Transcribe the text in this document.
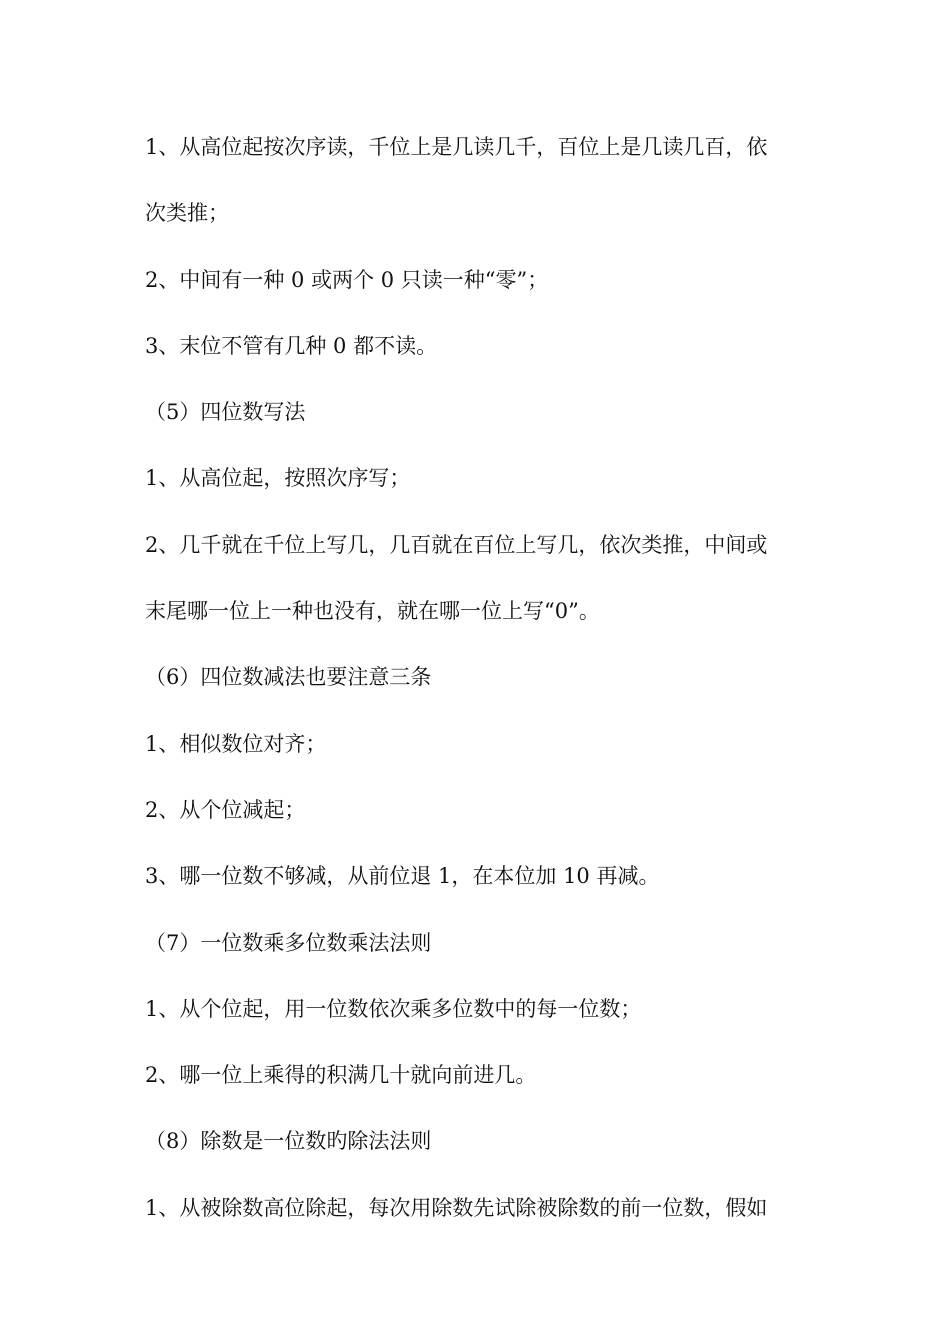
1、从高位起按次序读，千位上是几读几千，百位上是几读几百，依
次类推；
2、中间有一种 0 或两个 0 只读一种“零”；
3、末位不管有几种 0 都不读。
（5）四位数写法
1、从高位起，按照次序写；
2、几千就在千位上写几，几百就在百位上写几，依次类推，中间或
末尾哪一位上一种也没有，就在哪一位上写“0”。
（6）四位数减法也要注意三条
1、相似数位对齐；
2、从个位减起；
3、哪一位数不够减，从前位退 1，在本位加 10 再减。
（7）一位数乘多位数乘法法则
1、从个位起，用一位数依次乘多位数中的每一位数；
2、哪一位上乘得的积满几十就向前进几。
（8）除数是一位数旳除法法则
1、从被除数高位除起，每次用除数先试除被除数的前一位数，假如
